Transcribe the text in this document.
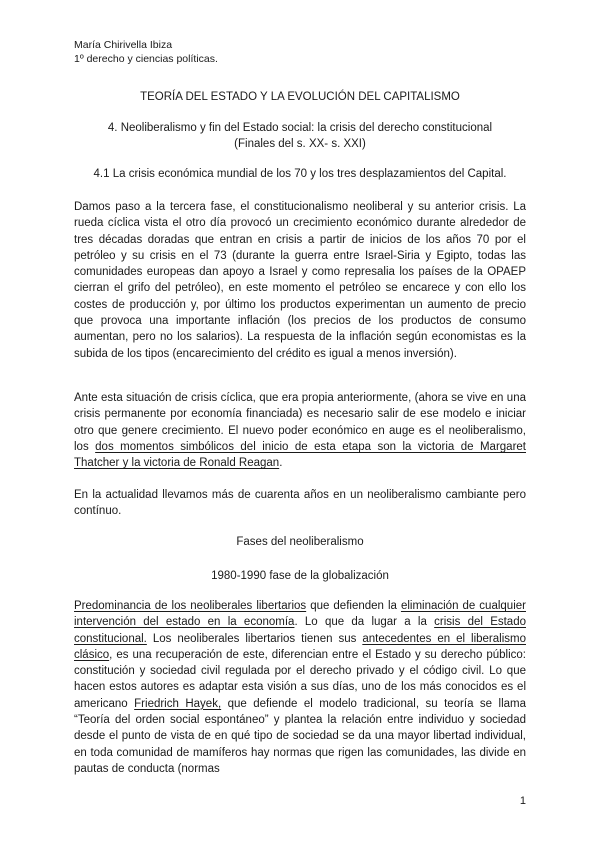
María Chirivella Ibiza
1º derecho y ciencias políticas.
TEORÍA DEL ESTADO Y LA EVOLUCIÓN DEL CAPITALISMO
4. Neoliberalismo y fin del Estado social: la crisis del derecho constitucional
(Finales del s. XX- s. XXI)
4.1 La crisis económica mundial de los 70 y los tres desplazamientos del Capital.

Damos paso a la tercera fase, el constitucionalismo neoliberal y su anterior crisis. La rueda cíclica vista el otro día provocó un crecimiento económico durante alrededor de tres décadas doradas que entran en crisis a partir de inicios de los años 70 por el petróleo y su crisis en el 73 (durante la guerra entre Israel-Siria y Egipto, todas las comunidades europeas dan apoyo a Israel y como represalia los países de la OPAEP cierran el grifo del petróleo), en este momento el petróleo se encarece y con ello los costes de producción y, por último los productos experimentan un aumento de precio que provoca una importante inflación (los precios de los productos de consumo aumentan, pero no los salarios). La respuesta de la inflación según economistas es la subida de los tipos (encarecimiento del crédito es igual a menos inversión).

Ante esta situación de crisis cíclica, que era propia anteriormente, (ahora se vive en una crisis permanente por economía financiada) es necesario salir de ese modelo e iniciar otro que genere crecimiento. El nuevo poder económico en auge es el neoliberalismo, los dos momentos simbólicos del inicio de esta etapa son la victoria de Margaret Thatcher y la victoria de Ronald Reagan.

En la actualidad llevamos más de cuarenta años en un neoliberalismo cambiante pero contínuo.

Fases del neoliberalismo
1980-1990 fase de la globalización

Predominancia de los neoliberales libertarios que defienden la eliminación de cualquier intervención del estado en la economía. Lo que da lugar a la crisis del Estado constitucional. Los neoliberales libertarios tienen sus antecedentes en el liberalismo clásico, es una recuperación de este, diferencian entre el Estado y su derecho público: constitución y sociedad civil regulada por el derecho privado y el código civil. Lo que hacen estos autores es adaptar esta visión a sus días, uno de los más conocidos es el americano Friedrich Hayek, que defiende el modelo tradicional, su teoría se llama “Teoría del orden social espontáneo” y plantea la relación entre individuo y sociedad desde el punto de vista de en qué tipo de sociedad se da una mayor libertad individual, en toda comunidad de mamíferos hay normas que rigen las comunidades, las divide en pautas de conducta (normas

1
